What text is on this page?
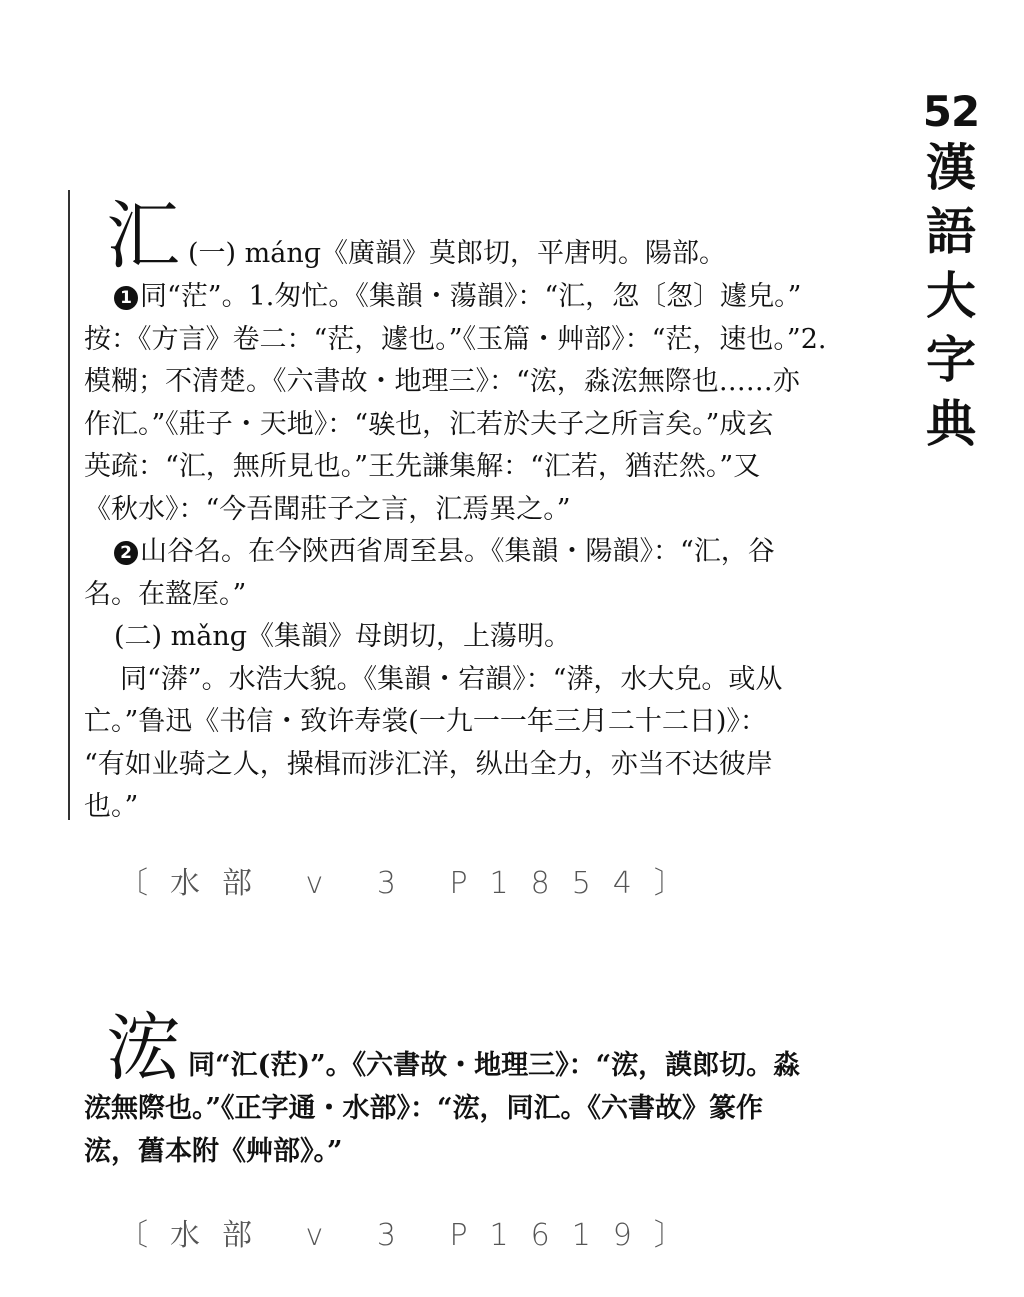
52
漢
語
大
字
典
汇 (一) mánɡ《廣韻》莫郎切，平唐明。陽部。
1 同“茫”。1.匆忙。《集韻・蕩韻》：“汇，忽〔怱〕遽皃。”
按：《方言》卷二：“茫，遽也。”《玉篇・艸部》：“茫，速也。”2.
模糊；不清楚。《六書故・地理三》：“浤，淼浤無際也……亦
作汇。”《莊子・天地》：“𫘤也，汇若於夫子之所言矣。”成玄
英疏：“汇，無所見也。”王先謙集解：“汇若，猶茫然。”又
《秋水》：“今吾聞莊子之言，汇焉異之。”
2 山谷名。在今陝西省周至县。《集韻・陽韻》：“汇，谷
名。在盩厔。”
(二) mǎnɡ《集韻》母朗切，上蕩明。
同“漭”。水浩大貌。《集韻・宕韻》：“漭，水大皃。或从
亡。”鲁迅《书信・致许寿裳(一九一一年三月二十二日)》：
“有如业骑之人，操楫而涉汇洋，纵出全力，亦当不达彼岸
也。”
〔水部 v 3 P1854〕
浤 同“汇(茫)”。《六書故・地理三》：“浤，謨郎切。淼
浤無際也。”《正字通・水部》：“浤，同汇。《六書故》篆作
浤，舊本附《艸部》。”
〔水部 v 3 P1619〕
